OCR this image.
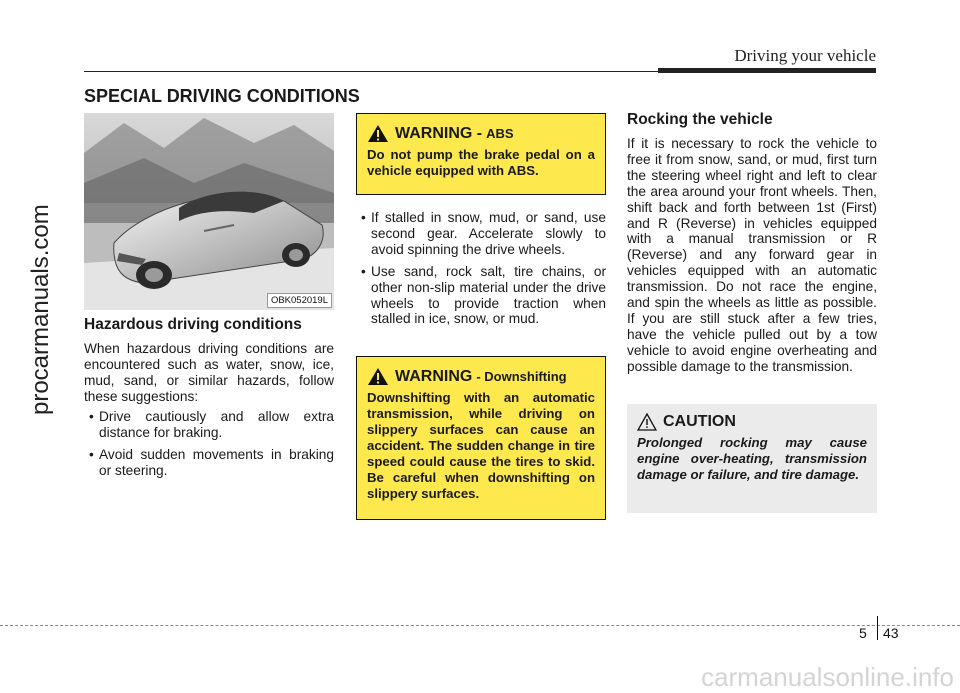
procarmanuals.com
Driving your vehicle
SPECIAL DRIVING CONDITIONS
OBK052019L
Hazardous driving conditions
When hazardous driving conditions are encountered such as water, snow, ice, mud, sand, or similar hazards, follow these suggestions:
• Drive cautiously and allow extra distance for braking.
• Avoid sudden movements in braking or steering.
WARNING - ABS
Do not pump the brake pedal on a vehicle equipped with ABS.
• If stalled in snow, mud, or sand, use second gear. Accelerate slowly to avoid spinning the drive wheels.
• Use sand, rock salt, tire chains, or other non-slip material under the drive wheels to provide traction when stalled in ice, snow, or mud.
WARNING - Downshifting
Downshifting with an automatic transmission, while driving on slippery surfaces can cause an accident. The sudden change in tire speed could cause the tires to skid. Be careful when downshifting on slippery surfaces.
Rocking the vehicle
If it is necessary to rock the vehicle to free it from snow, sand, or mud, first turn the steering wheel right and left to clear the area around your front wheels. Then, shift back and forth between 1st (First) and R (Reverse) in vehicles equipped with a manual transmission or R (Reverse) and any forward gear in vehicles equipped with an automatic transmission. Do not race the engine, and spin the wheels as little as possible. If you are still stuck after a few tries, have the vehicle pulled out by a tow vehicle to avoid engine overheating and possible damage to the transmission.
CAUTION
Prolonged rocking may cause engine over-heating, transmission damage or failure, and tire damage.
5 43
carmanualsonline.info
